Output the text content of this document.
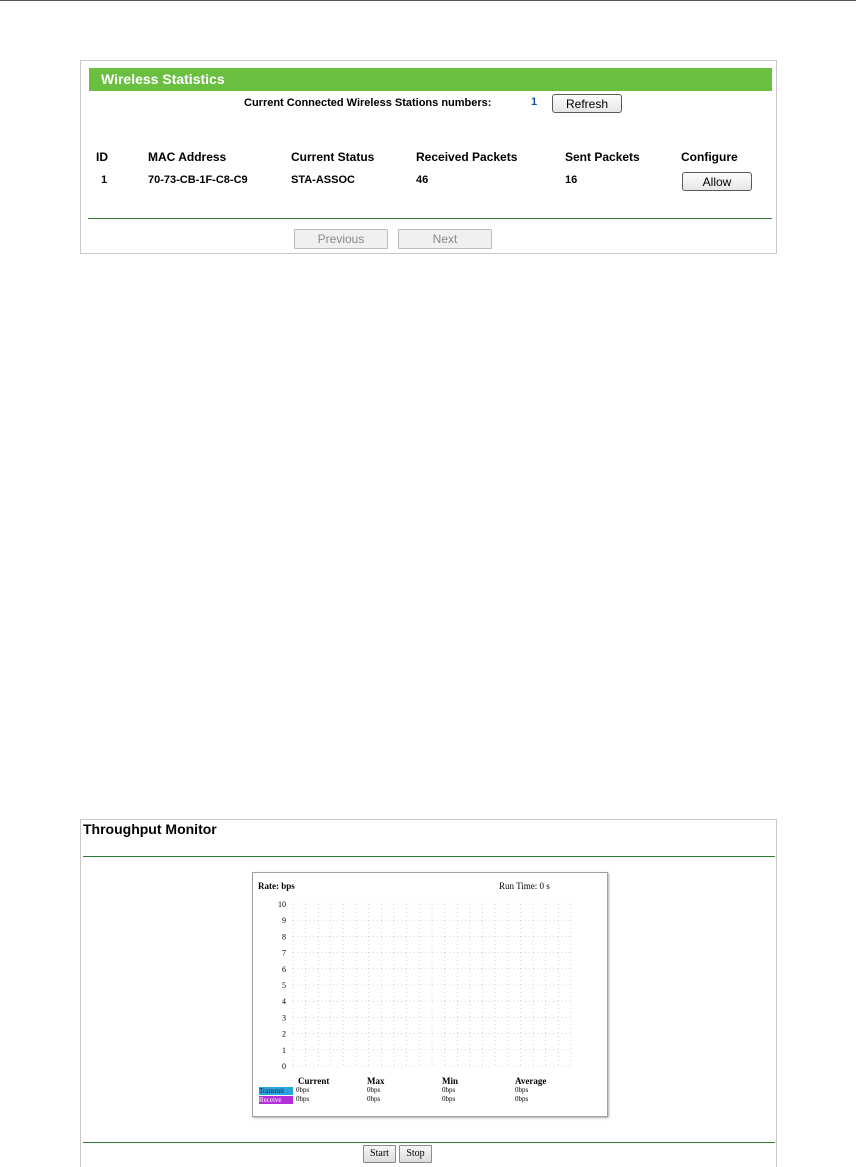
Wireless Statistics
Current Connected Wireless Stations numbers:	1	Refresh
ID	MAC Address	Current Status	Received Packets	Sent Packets	Configure
1	70-73-CB-1F-C8-C9	STA-ASSOC	46	16	Allow
Previous	Next
Throughput Monitor
Rate: bps	Run Time: 0 s
10
9
8
7
6
5
4
3
2
1
0
Current	Max	Min	Average
Transmit	0bps	0bps	0bps	0bps
Receive	0bps	0bps	0bps	0bps
Start	Stop
